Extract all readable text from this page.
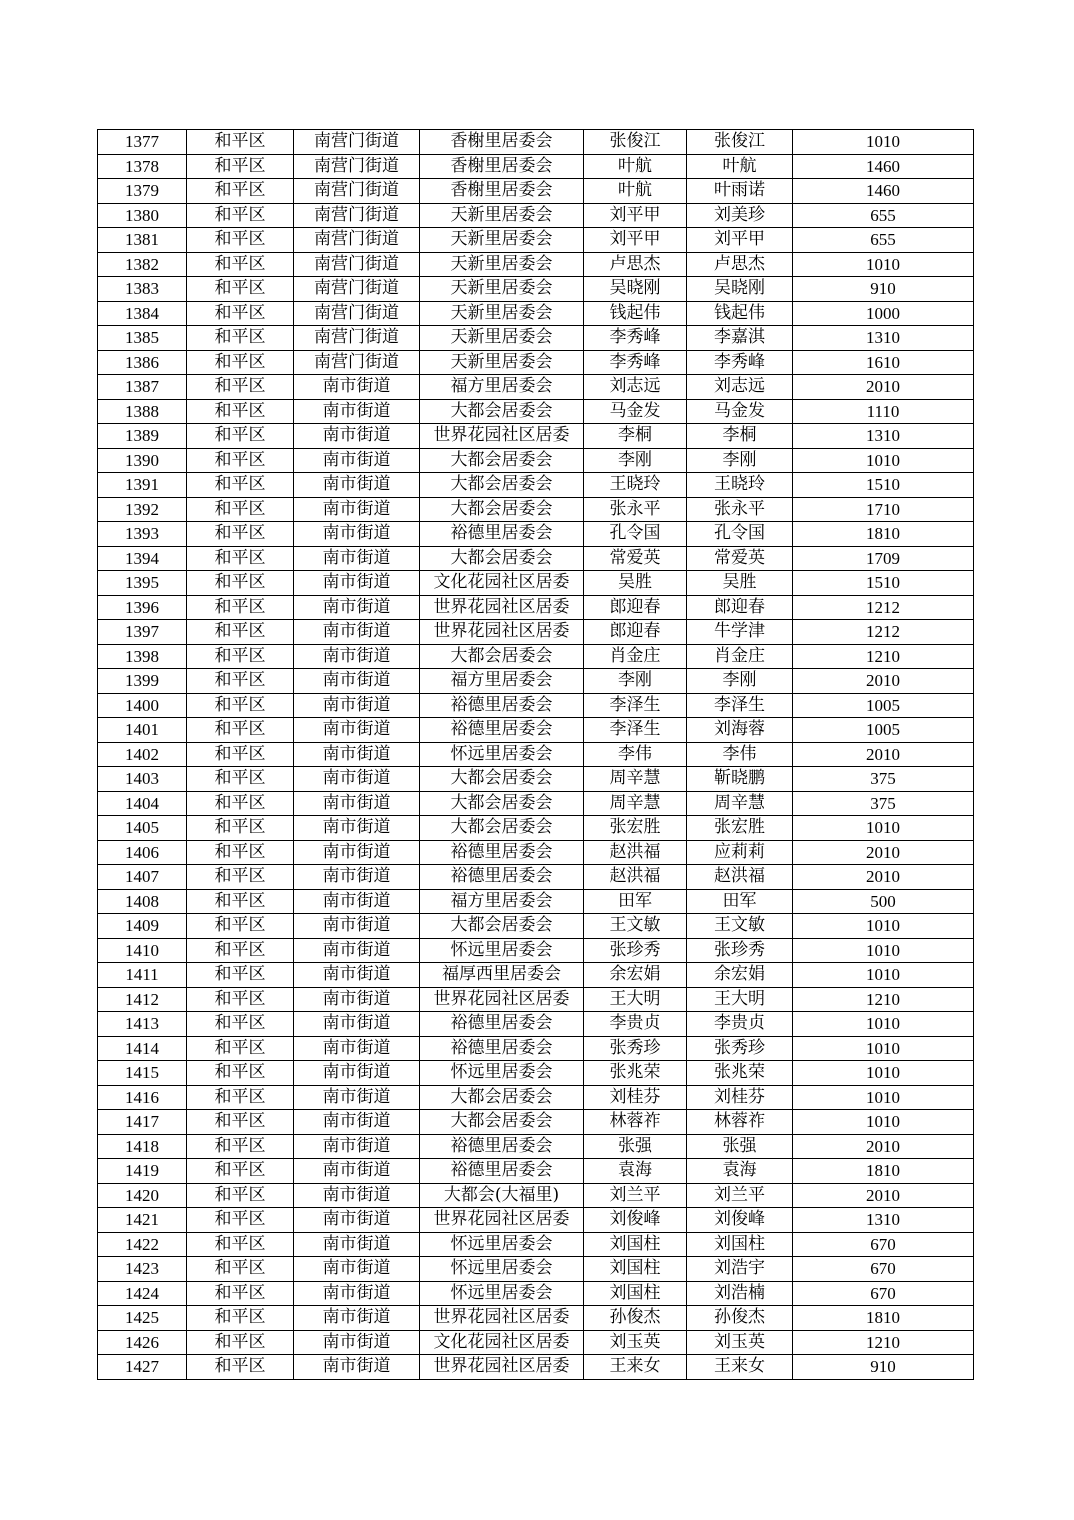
1377	和平区	南营门街道	香榭里居委会	张俊江	张俊江	1010
1378	和平区	南营门街道	香榭里居委会	叶航	叶航	1460
1379	和平区	南营门街道	香榭里居委会	叶航	叶雨诺	1460
1380	和平区	南营门街道	天新里居委会	刘平甲	刘美珍	655
1381	和平区	南营门街道	天新里居委会	刘平甲	刘平甲	655
1382	和平区	南营门街道	天新里居委会	卢思杰	卢思杰	1010
1383	和平区	南营门街道	天新里居委会	吴晓刚	吴晓刚	910
1384	和平区	南营门街道	天新里居委会	钱起伟	钱起伟	1000
1385	和平区	南营门街道	天新里居委会	李秀峰	李嘉淇	1310
1386	和平区	南营门街道	天新里居委会	李秀峰	李秀峰	1610
1387	和平区	南市街道	福方里居委会	刘志远	刘志远	2010
1388	和平区	南市街道	大都会居委会	马金发	马金发	1110
1389	和平区	南市街道	世界花园社区居委	李桐	李桐	1310
1390	和平区	南市街道	大都会居委会	李刚	李刚	1010
1391	和平区	南市街道	大都会居委会	王晓玲	王晓玲	1510
1392	和平区	南市街道	大都会居委会	张永平	张永平	1710
1393	和平区	南市街道	裕德里居委会	孔令国	孔令国	1810
1394	和平区	南市街道	大都会居委会	常爱英	常爱英	1709
1395	和平区	南市街道	文化花园社区居委	吴胜	吴胜	1510
1396	和平区	南市街道	世界花园社区居委	郎迎春	郎迎春	1212
1397	和平区	南市街道	世界花园社区居委	郎迎春	牛学津	1212
1398	和平区	南市街道	大都会居委会	肖金庄	肖金庄	1210
1399	和平区	南市街道	福方里居委会	李刚	李刚	2010
1400	和平区	南市街道	裕德里居委会	李泽生	李泽生	1005
1401	和平区	南市街道	裕德里居委会	李泽生	刘海蓉	1005
1402	和平区	南市街道	怀远里居委会	李伟	李伟	2010
1403	和平区	南市街道	大都会居委会	周辛慧	靳晓鹏	375
1404	和平区	南市街道	大都会居委会	周辛慧	周辛慧	375
1405	和平区	南市街道	大都会居委会	张宏胜	张宏胜	1010
1406	和平区	南市街道	裕德里居委会	赵洪福	应莉莉	2010
1407	和平区	南市街道	裕德里居委会	赵洪福	赵洪福	2010
1408	和平区	南市街道	福方里居委会	田军	田军	500
1409	和平区	南市街道	大都会居委会	王文敏	王文敏	1010
1410	和平区	南市街道	怀远里居委会	张珍秀	张珍秀	1010
1411	和平区	南市街道	福厚西里居委会	余宏娟	余宏娟	1010
1412	和平区	南市街道	世界花园社区居委	王大明	王大明	1210
1413	和平区	南市街道	裕德里居委会	李贵贞	李贵贞	1010
1414	和平区	南市街道	裕德里居委会	张秀珍	张秀珍	1010
1415	和平区	南市街道	怀远里居委会	张兆荣	张兆荣	1010
1416	和平区	南市街道	大都会居委会	刘桂芬	刘桂芬	1010
1417	和平区	南市街道	大都会居委会	林蓉祚	林蓉祚	1010
1418	和平区	南市街道	裕德里居委会	张强	张强	2010
1419	和平区	南市街道	裕德里居委会	袁海	袁海	1810
1420	和平区	南市街道	大都会(大福里)	刘兰平	刘兰平	2010
1421	和平区	南市街道	世界花园社区居委	刘俊峰	刘俊峰	1310
1422	和平区	南市街道	怀远里居委会	刘国柱	刘国柱	670
1423	和平区	南市街道	怀远里居委会	刘国柱	刘浩宇	670
1424	和平区	南市街道	怀远里居委会	刘国柱	刘浩楠	670
1425	和平区	南市街道	世界花园社区居委	孙俊杰	孙俊杰	1810
1426	和平区	南市街道	文化花园社区居委	刘玉英	刘玉英	1210
1427	和平区	南市街道	世界花园社区居委	王来女	王来女	910
